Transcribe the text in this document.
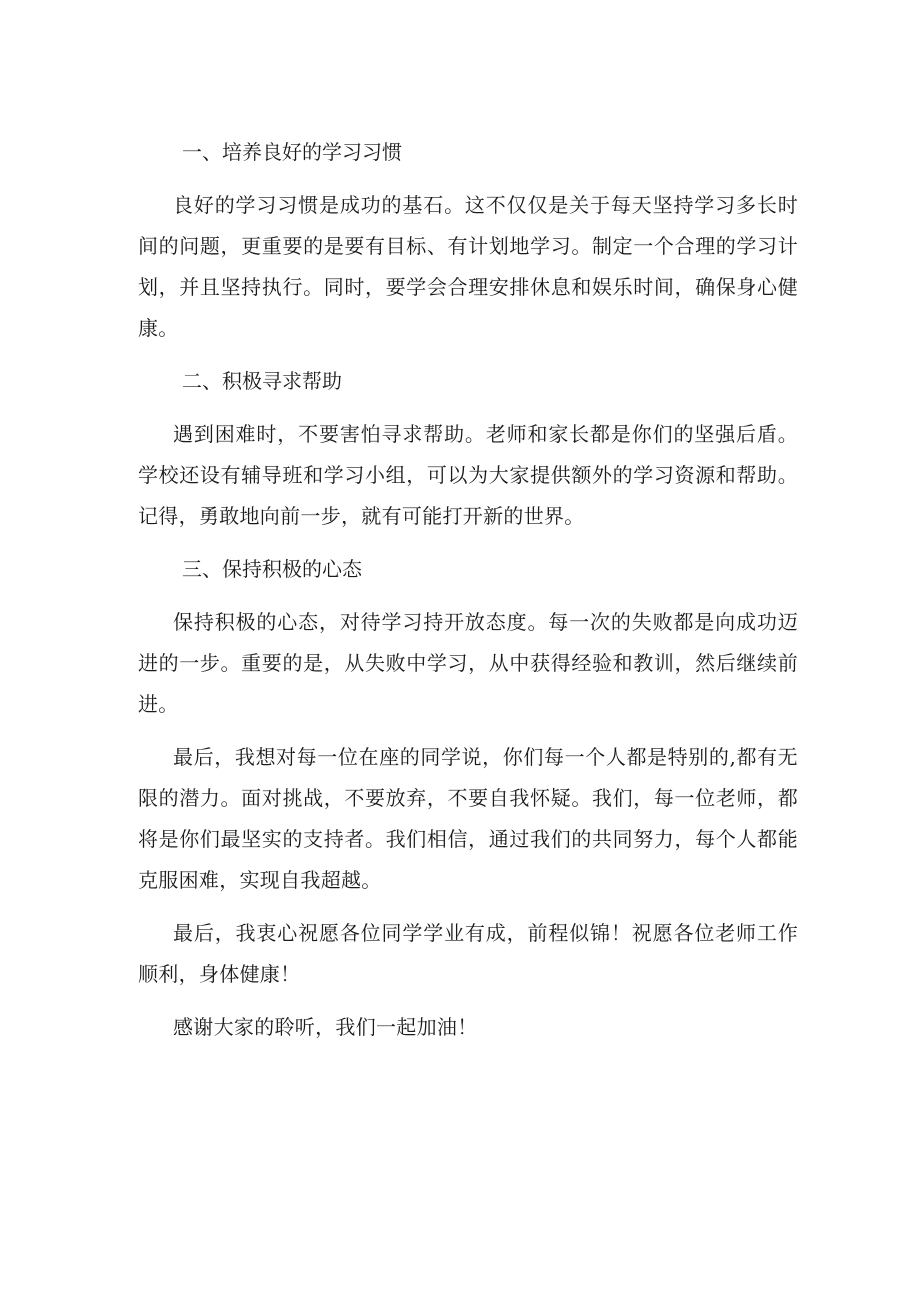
一、培养良好的学习习惯

良好的学习习惯是成功的基石。这不仅仅是关于每天坚持学习多长时间的问题，更重要的是要有目标、有计划地学习。制定一个合理的学习计划，并且坚持执行。同时，要学会合理安排休息和娱乐时间，确保身心健康。

二、积极寻求帮助

遇到困难时，不要害怕寻求帮助。老师和家长都是你们的坚强后盾。学校还设有辅导班和学习小组，可以为大家提供额外的学习资源和帮助。记得，勇敢地向前一步，就有可能打开新的世界。

三、保持积极的心态

保持积极的心态，对待学习持开放态度。每一次的失败都是向成功迈进的一步。重要的是，从失败中学习，从中获得经验和教训，然后继续前进。

最后，我想对每一位在座的同学说，你们每一个人都是特别的,都有无限的潜力。面对挑战，不要放弃，不要自我怀疑。我们，每一位老师，都将是你们最坚实的支持者。我们相信，通过我们的共同努力，每个人都能克服困难，实现自我超越。

最后，我衷心祝愿各位同学学业有成，前程似锦！祝愿各位老师工作顺利，身体健康！

感谢大家的聆听，我们一起加油！
